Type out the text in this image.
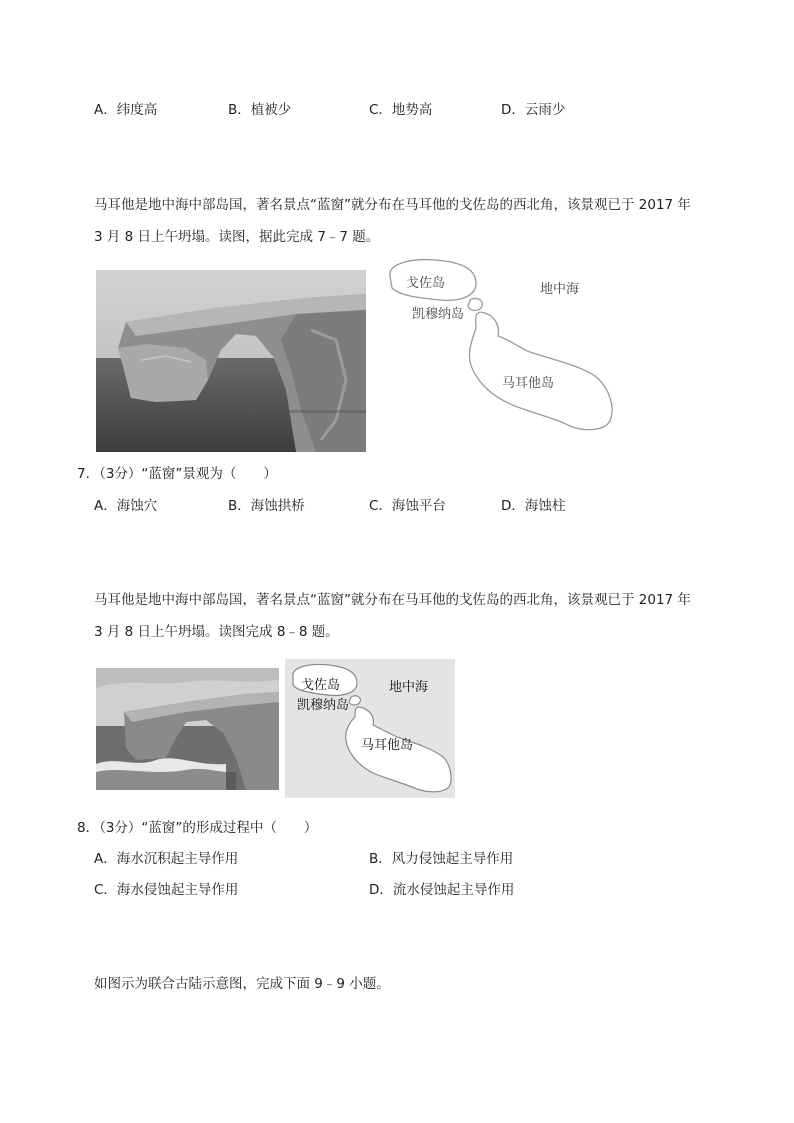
A．纬度高	B．植被少	C．地势高	D．云雨少
马耳他是地中海中部岛国，著名景点“蓝窗”就分布在马耳他的戈佐岛的西北角，该景观已于 2017 年
3 月 8 日上午坍塌。读图，据此完成 7﹣7 题。
戈佐岛	地中海
凯穆纳岛
马耳他岛
7．（3分）“蓝窗”景观为（　　）
A．海蚀穴	B．海蚀拱桥	C．海蚀平台	D．海蚀柱
马耳他是地中海中部岛国，著名景点“蓝窗”就分布在马耳他的戈佐岛的西北角，该景观已于 2017 年
3 月 8 日上午坍塌。读图完成 8﹣8 题。
戈佐岛	地中海
凯穆纳岛
马耳他岛
8．（3分）“蓝窗”的形成过程中（　　）
A．海水沉积起主导作用	B．风力侵蚀起主导作用
C．海水侵蚀起主导作用	D．流水侵蚀起主导作用
如图示为联合古陆示意图，完成下面 9﹣9 小题。
